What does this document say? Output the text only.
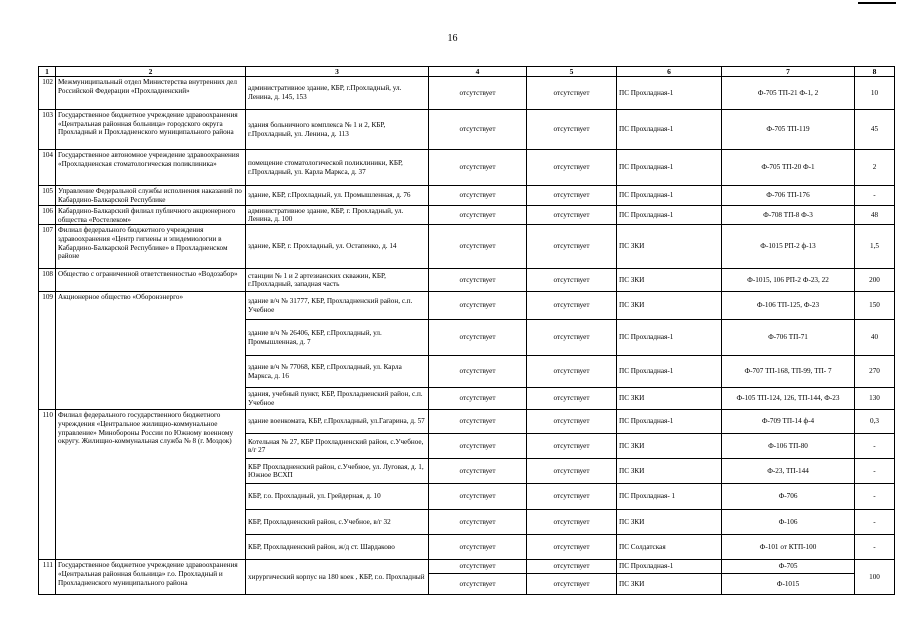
16
1	2	3	4	5	6	7	8
102	Межмуниципальный отдел Министерства внутренних дел Российской Федерации «Прохладненский»	административное здание, КБР, г.Прохладный, ул. Ленина, д. 145, 153	отсутствует	отсутствует	ПС Прохладная-1	Ф-705 ТП-21 Ф-1, 2	10
103	Государственное бюджетное учреждение здравоохранения «Центральная районная больница» городского округа Прохладный и Прохладненского муниципального района	здания больничного комплекса № 1 и 2, КБР, г.Прохладный, ул. Ленина, д. 113	отсутствует	отсутствует	ПС Прохладная-1	Ф-705 ТП-119	45
104	Государственное автономное учреждение здравоохранения «Прохладненская стоматологическая поликлиника»	помещение стоматологической поликлиники, КБР, г.Прохладный, ул. Карла Маркса, д. 37	отсутствует	отсутствует	ПС Прохладная-1	Ф-705 ТП-20 Ф-1	2
105	Управление Федеральной службы исполнения наказаний по Кабардино-Балкарской Республике	здание, КБР, г.Прохладный, ул. Промышленная, д. 76	отсутствует	отсутствует	ПС Прохладная-1	Ф-706 ТП-176	-
106	Кабардино-Балкарский филиал публичного акционерного общества «Ростелеком»	административное здание, КБР, г. Прохладный, ул. Ленина, д. 100	отсутствует	отсутствует	ПС Прохладная-1	Ф-708 ТП-8 Ф-3	48
107	Филиал федерального бюджетного учреждения здравоохранения «Центр гигиены и эпидемиологии в Кабардино-Балкарской Республике» в Прохладненском районе	здание, КБР, г. Прохладный, ул. Остапенко, д. 14	отсутствует	отсутствует	ПС ЗКИ	Ф-1015 РП-2 ф-13	1,5
108	Общество с ограниченной ответственностью «Водозабор»	станции № 1 и 2 артезианских скважин, КБР, г.Прохладный, западная часть	отсутствует	отсутствует	ПС ЗКИ	Ф-1015, 106 РП-2 Ф-23, 22	200
109	Акционерное общество «Оборонэнерго»	здание в/ч № 31777, КБР, Прохладненский район, с.п. Учебное	отсутствует	отсутствует	ПС ЗКИ	Ф-106 ТП-125, Ф-23	150
		здание в/ч № 26406, КБР, г.Прохладный, ул. Промышленная, д. 7	отсутствует	отсутствует	ПС Прохладная-1	Ф-706 ТП-71	40
		здание в/ч № 77068, КБР, г.Прохладный, ул. Карла Маркса, д. 16	отсутствует	отсутствует	ПС Прохладная-1	Ф-707 ТП-168, ТП-99, ТП- 7	270
		здания, учебный пункт, КБР, Прохладненский район, с.п. Учебное	отсутствует	отсутствует	ПС ЗКИ	Ф-105 ТП-124, 126, ТП-144, Ф-23	130
110	Филиал федерального государственного бюджетного учреждения «Центральное жилищно-коммунальное управление» Минобороны России по Южному военному округу. Жилищно-коммунальная служба № 8 (г. Моздок)	здание военкомата, КБР, г.Прохладный, ул.Гагарина, д. 57	отсутствует	отсутствует	ПС Прохладная-1	Ф-709 ТП-14 ф-4	0,3
		Котельная № 27, КБР Прохладненский район, с.Учебное, в/г 27	отсутствует	отсутствует	ПС ЗКИ	Ф-106 ТП-80	-
		КБР Прохладненский район, с.Учебное, ул. Луговая, д. 1, Южное ВСХП	отсутствует	отсутствует	ПС ЗКИ	Ф-23, ТП-144	-
		КБР, г.о. Прохладный, ул. Грейдерная, д. 10	отсутствует	отсутствует	ПС Прохладная- 1	Ф-706	-
		КБР, Прохладненский район, с.Учебное, в/г 32	отсутствует	отсутствует	ПС ЗКИ	Ф-106	-
		КБР, Прохладненский район, ж/д ст. Шардаково	отсутствует	отсутствует	ПС Солдатская	Ф-101 от КТП-100	-
111	Государственное бюджетное учреждение здравоохранения «Центральная районная больница» г.о. Прохладный и Прохладненского муниципального района	хирургический корпус на 180 коек , КБР, г.о. Прохладный	отсутствует	отсутствует	ПС Прохладная-1	Ф-705	100
			отсутствует	отсутствует	ПС ЗКИ	Ф-1015	
